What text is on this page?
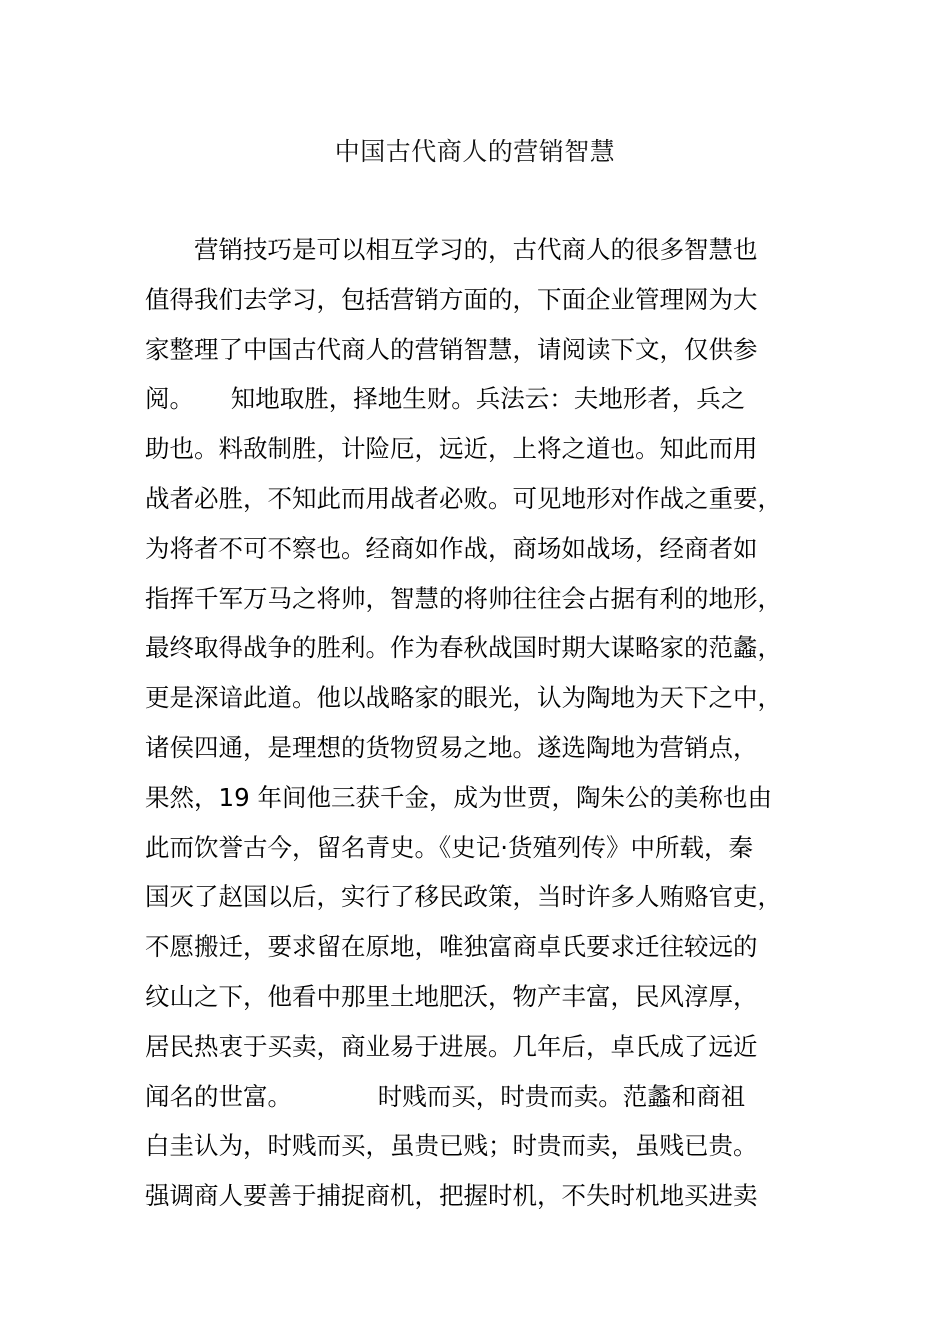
中国古代商人的营销智慧
　　营销技巧是可以相互学习的，古代商人的很多智慧也
值得我们去学习，包括营销方面的，下面企业管理网为大
家整理了中国古代商人的营销智慧，请阅读下文，仅供参
阅。　　知地取胜，择地生财。兵法云：夫地形者，兵之
助也。料敌制胜，计险厄，远近，上将之道也。知此而用
战者必胜，不知此而用战者必败。可见地形对作战之重要，
为将者不可不察也。经商如作战，商场如战场，经商者如
指挥千军万马之将帅，智慧的将帅往往会占据有利的地形，
最终取得战争的胜利。作为春秋战国时期大谋略家的范蠡，
更是深谙此道。他以战略家的眼光，认为陶地为天下之中，
诸侯四通，是理想的货物贸易之地。遂选陶地为营销点，
果然，19 年间他三获千金，成为世贾，陶朱公的美称也由
此而饮誉古今，留名青史。《史记·货殖列传》中所载，秦
国灭了赵国以后，实行了移民政策，当时许多人贿赂官吏，
不愿搬迁，要求留在原地，唯独富商卓氏要求迁往较远的
纹山之下，他看中那里土地肥沃，物产丰富，民风淳厚，
居民热衷于买卖，商业易于进展。几年后，卓氏成了远近
闻名的世富。　　　　时贱而买，时贵而卖。范蠡和商祖
白圭认为，时贱而买，虽贵已贱；时贵而卖，虽贱已贵。
强调商人要善于捕捉商机，把握时机，不失时机地买进卖
